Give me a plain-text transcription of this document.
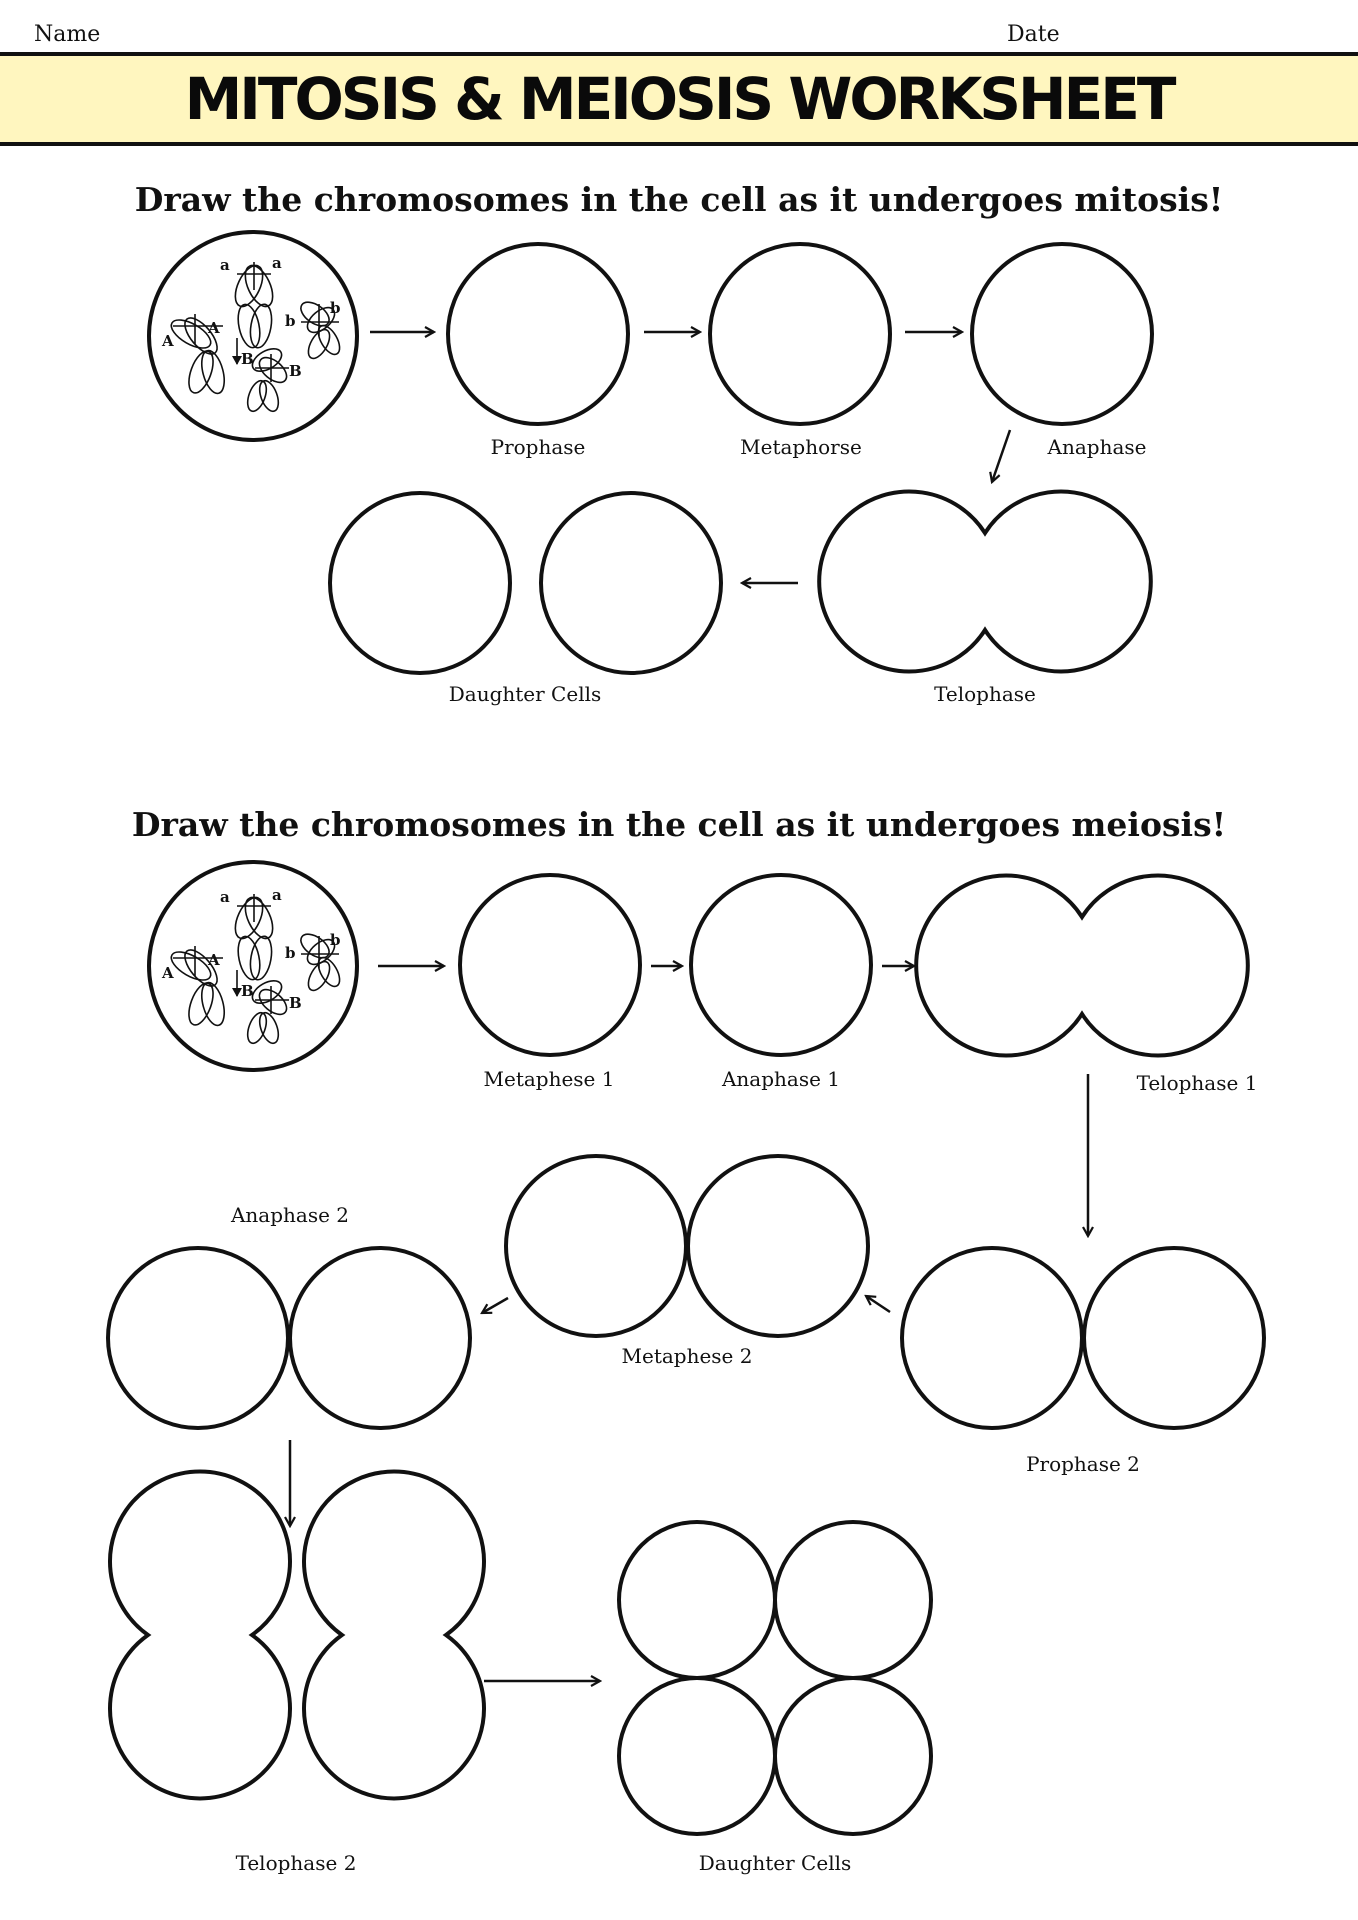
Name	Date
MITOSIS & MEIOSIS WORKSHEET
Draw the chromosomes in the cell as it undergoes mitosis!
Draw the chromosomes in the cell as it undergoes meiosis!
A
A
a	a
b
b
B
B
Prophase	Metaphorse	Anaphase
Telophase
Daughter Cells
A
A
a	a
b
b
B
B
Metaphese 1	Anaphase 1	Telophase 1
Prophase 2
Metaphese 2
Anaphase 2
Telophase 2	Daughter Cells
